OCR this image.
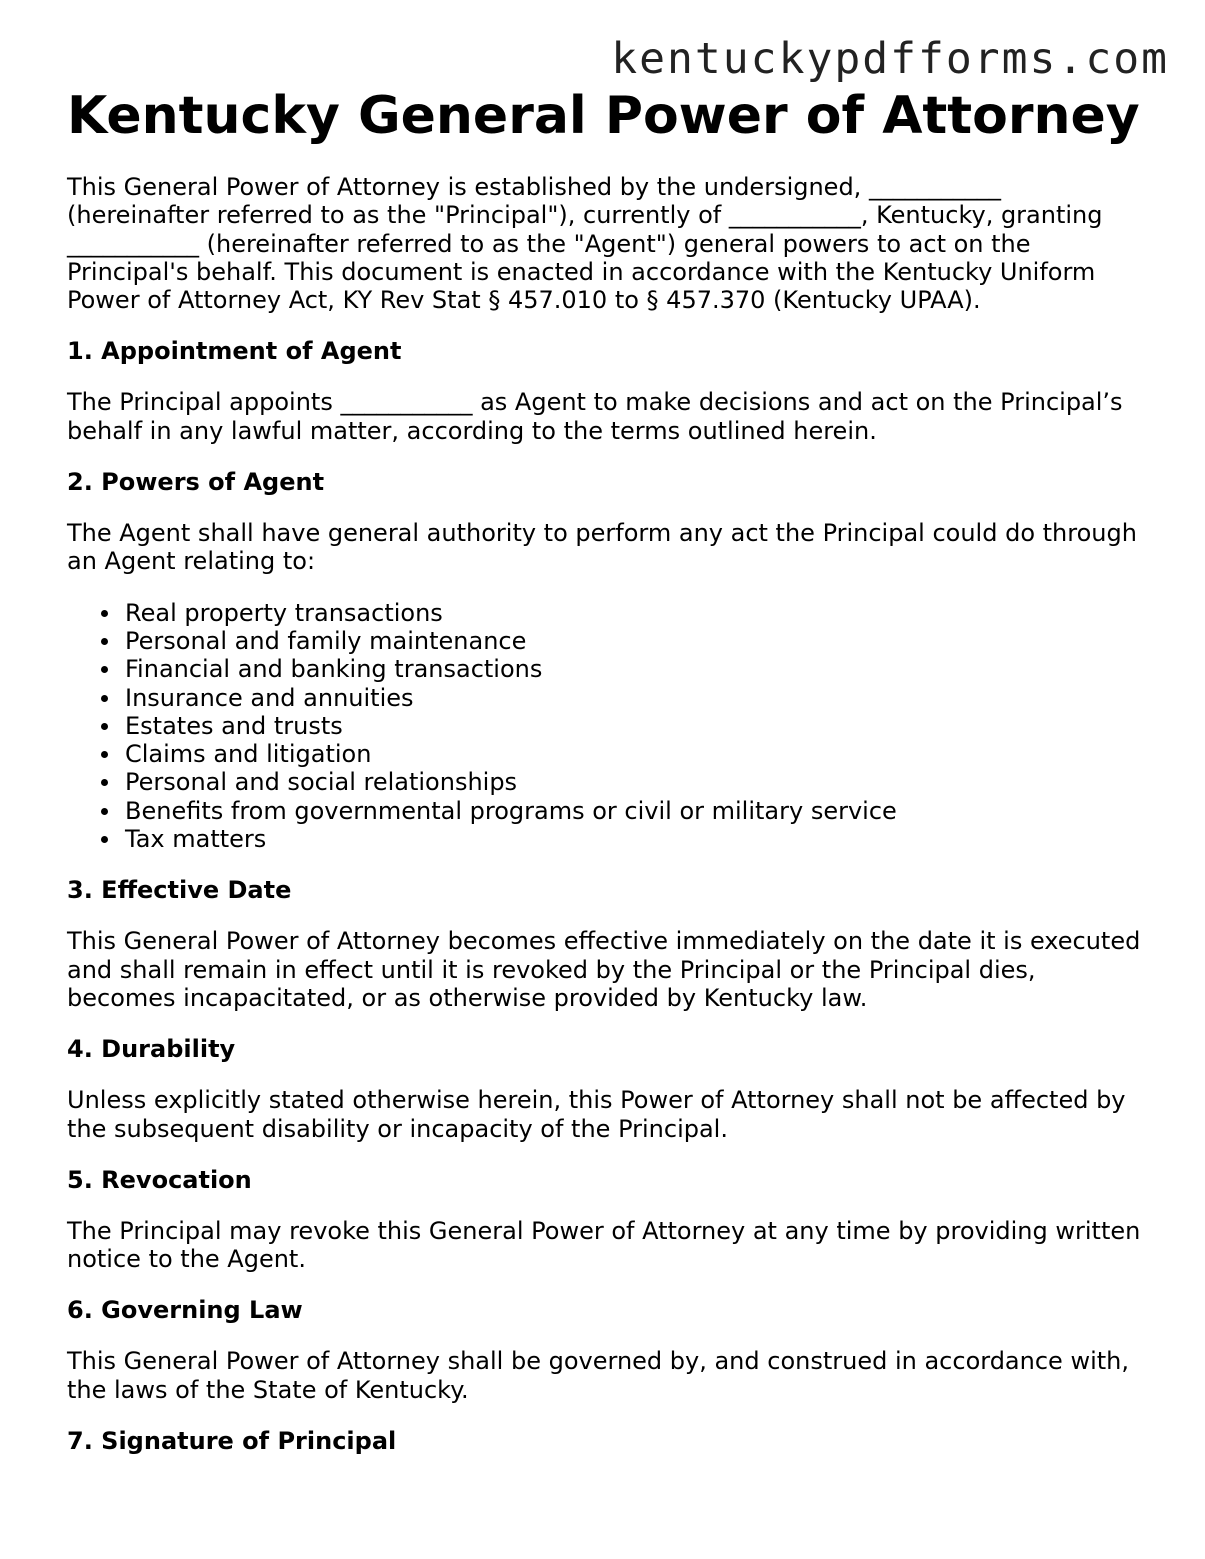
kentuckypdfforms.com
Kentucky General Power of Attorney

This General Power of Attorney is established by the undersigned, ___________ (hereinafter referred to as the "Principal"), currently of ___________, Kentucky, granting ___________ (hereinafter referred to as the "Agent") general powers to act on the Principal's behalf. This document is enacted in accordance with the Kentucky Uniform Power of Attorney Act, KY Rev Stat § 457.010 to § 457.370 (Kentucky UPAA).

1. Appointment of Agent

The Principal appoints ___________ as Agent to make decisions and act on the Principal’s behalf in any lawful matter, according to the terms outlined herein.

2. Powers of Agent

The Agent shall have general authority to perform any act the Principal could do through an Agent relating to:

Real property transactions
Personal and family maintenance
Financial and banking transactions
Insurance and annuities
Estates and trusts
Claims and litigation
Personal and social relationships
Benefits from governmental programs or civil or military service
Tax matters
3. Effective Date

This General Power of Attorney becomes effective immediately on the date it is executed and shall remain in effect until it is revoked by the Principal or the Principal dies, becomes incapacitated, or as otherwise provided by Kentucky law.

4. Durability

Unless explicitly stated otherwise herein, this Power of Attorney shall not be affected by the subsequent disability or incapacity of the Principal.

5. Revocation

The Principal may revoke this General Power of Attorney at any time by providing written notice to the Agent.

6. Governing Law

This General Power of Attorney shall be governed by, and construed in accordance with, the laws of the State of Kentucky.

7. Signature of Principal
